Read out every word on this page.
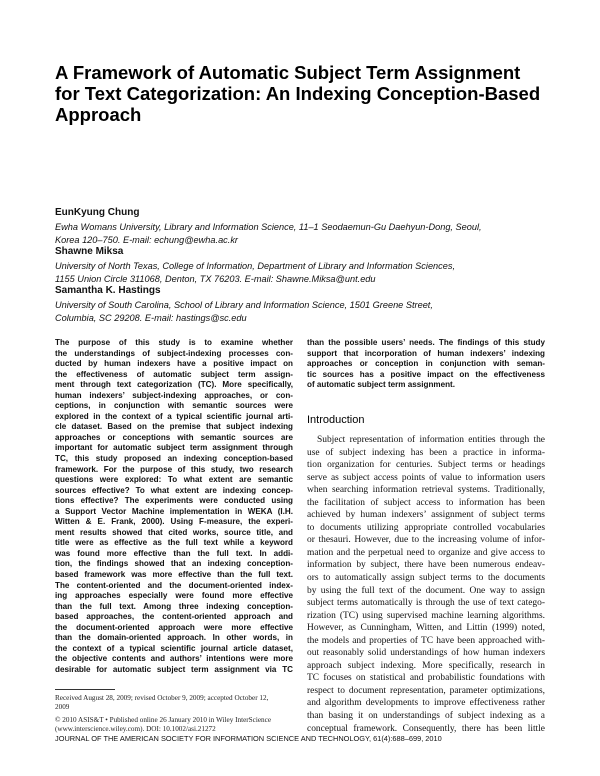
A Framework of Automatic Subject Term Assignment
for Text Categorization: An Indexing Conception-Based
Approach
EunKyung Chung
Ewha Womans University, Library and Information Science, 11–1 Seodaemun-Gu Daehyun-Dong, Seoul,
Korea 120–750. E-mail: echung@ewha.ac.kr
Shawne Miksa
University of North Texas, College of Information, Department of Library and Information Sciences,
1155 Union Circle 311068, Denton, TX 76203. E-mail: Shawne.Miksa@unt.edu
Samantha K. Hastings
University of South Carolina, School of Library and Information Science, 1501 Greene Street,
Columbia, SC 29208. E-mail: hastings@sc.edu
The purpose of this study is to examine whether
the understandings of subject-indexing processes con-
ducted by human indexers have a positive impact on
the effectiveness of automatic subject term assign-
ment through text categorization (TC). More specifically,
human indexers’ subject-indexing approaches, or con-
ceptions, in conjunction with semantic sources were
explored in the context of a typical scientific journal arti-
cle dataset. Based on the premise that subject indexing
approaches or conceptions with semantic sources are
important for automatic subject term assignment through
TC, this study proposed an indexing conception-based
framework. For the purpose of this study, two research
questions were explored: To what extent are semantic
sources effective? To what extent are indexing concep-
tions effective? The experiments were conducted using
a Support Vector Machine implementation in WEKA (I.H.
Witten & E. Frank, 2000). Using F-measure, the experi-
ment results showed that cited works, source title, and
title were as effective as the full text while a keyword
was found more effective than the full text. In addi-
tion, the findings showed that an indexing conception-
based framework was more effective than the full text.
The content-oriented and the document-oriented index-
ing approaches especially were found more effective
than the full text. Among three indexing conception-
based approaches, the content-oriented approach and
the document-oriented approach were more effective
than the domain-oriented approach. In other words, in
the context of a typical scientific journal article dataset,
the objective contents and authors’ intentions were more
desirable for automatic subject term assignment via TC
than the possible users’ needs. The findings of this study
support that incorporation of human indexers’ indexing
approaches or conception in conjunction with seman-
tic sources has a positive impact on the effectiveness
of automatic subject term assignment.
Introduction
Subject representation of information entities through the
use of subject indexing has been a practice in informa-
tion organization for centuries. Subject terms or headings
serve as subject access points of value to information users
when searching information retrieval systems. Traditionally,
the facilitation of subject access to information has been
achieved by human indexers’ assignment of subject terms
to documents utilizing appropriate controlled vocabularies
or thesauri. However, due to the increasing volume of infor-
mation and the perpetual need to organize and give access to
information by subject, there have been numerous endeav-
ors to automatically assign subject terms to the documents
by using the full text of the document. One way to assign
subject terms automatically is through the use of text catego-
rization (TC) using supervised machine learning algorithms.
However, as Cunningham, Witten, and Littin (1999) noted,
the models and properties of TC have been approached with-
out reasonably solid understandings of how human indexers
approach subject indexing. More specifically, research in
TC focuses on statistical and probabilistic foundations with
respect to document representation, parameter optimizations,
and algorithm developments to improve effectiveness rather
than basing it on understandings of subject indexing as a
conceptual framework. Consequently, there has been little
Received August 28, 2009; revised October 9, 2009; accepted October 12,
2009
© 2010 ASIS&T • Published online 26 January 2010 in Wiley InterScience
(www.interscience.wiley.com). DOI: 10.1002/asi.21272
JOURNAL OF THE AMERICAN SOCIETY FOR INFORMATION SCIENCE AND TECHNOLOGY, 61(4):688–699, 2010
